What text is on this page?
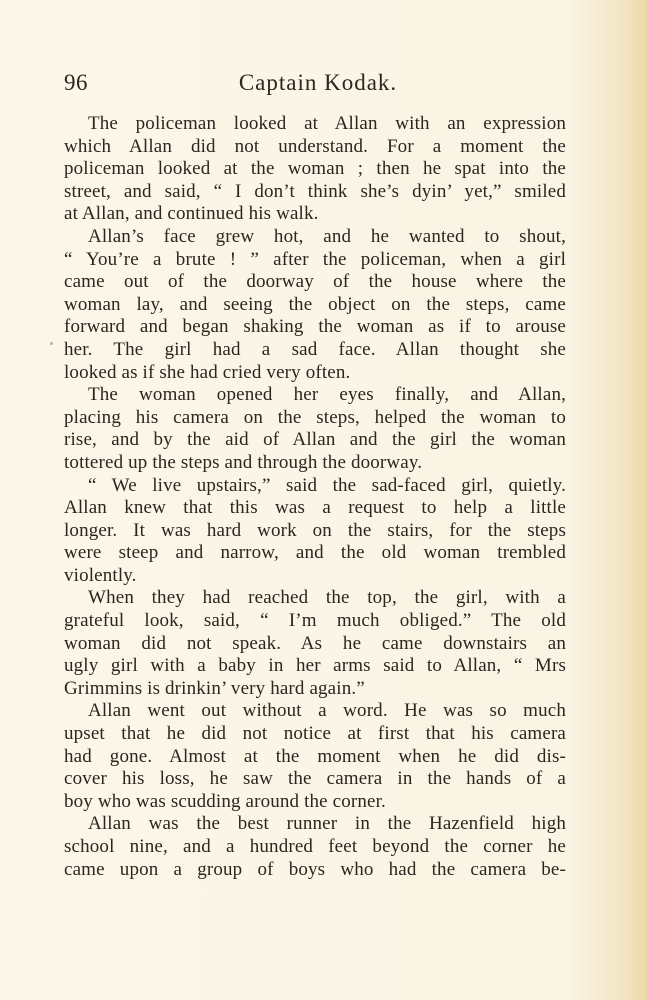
96	Captain Kodak.
The policeman looked at Allan with an expression
which Allan did not understand. For a moment the
policeman looked at the woman ; then he spat into the
street, and said, “ I don’t think she’s dyin’ yet,” smiled
at Allan, and continued his walk.
Allan’s face grew hot, and he wanted to shout,
“ You’re a brute ! ” after the policeman, when a girl
came out of the doorway of the house where the
woman lay, and seeing the object on the steps, came
forward and began shaking the woman as if to arouse
her. The girl had a sad face. Allan thought she
looked as if she had cried very often.
The woman opened her eyes finally, and Allan,
placing his camera on the steps, helped the woman to
rise, and by the aid of Allan and the girl the woman
tottered up the steps and through the doorway.
“ We live upstairs,” said the sad-faced girl, quietly.
Allan knew that this was a request to help a little
longer. It was hard work on the stairs, for the steps
were steep and narrow, and the old woman trembled
violently.
When they had reached the top, the girl, with a
grateful look, said, “ I’m much obliged.” The old
woman did not speak. As he came downstairs an
ugly girl with a baby in her arms said to Allan, “ Mrs
Grimmins is drinkin’ very hard again.”
Allan went out without a word. He was so much
upset that he did not notice at first that his camera
had gone. Almost at the moment when he did dis-
cover his loss, he saw the camera in the hands of a
boy who was scudding around the corner.
Allan was the best runner in the Hazenfield high
school nine, and a hundred feet beyond the corner he
came upon a group of boys who had the camera be-
